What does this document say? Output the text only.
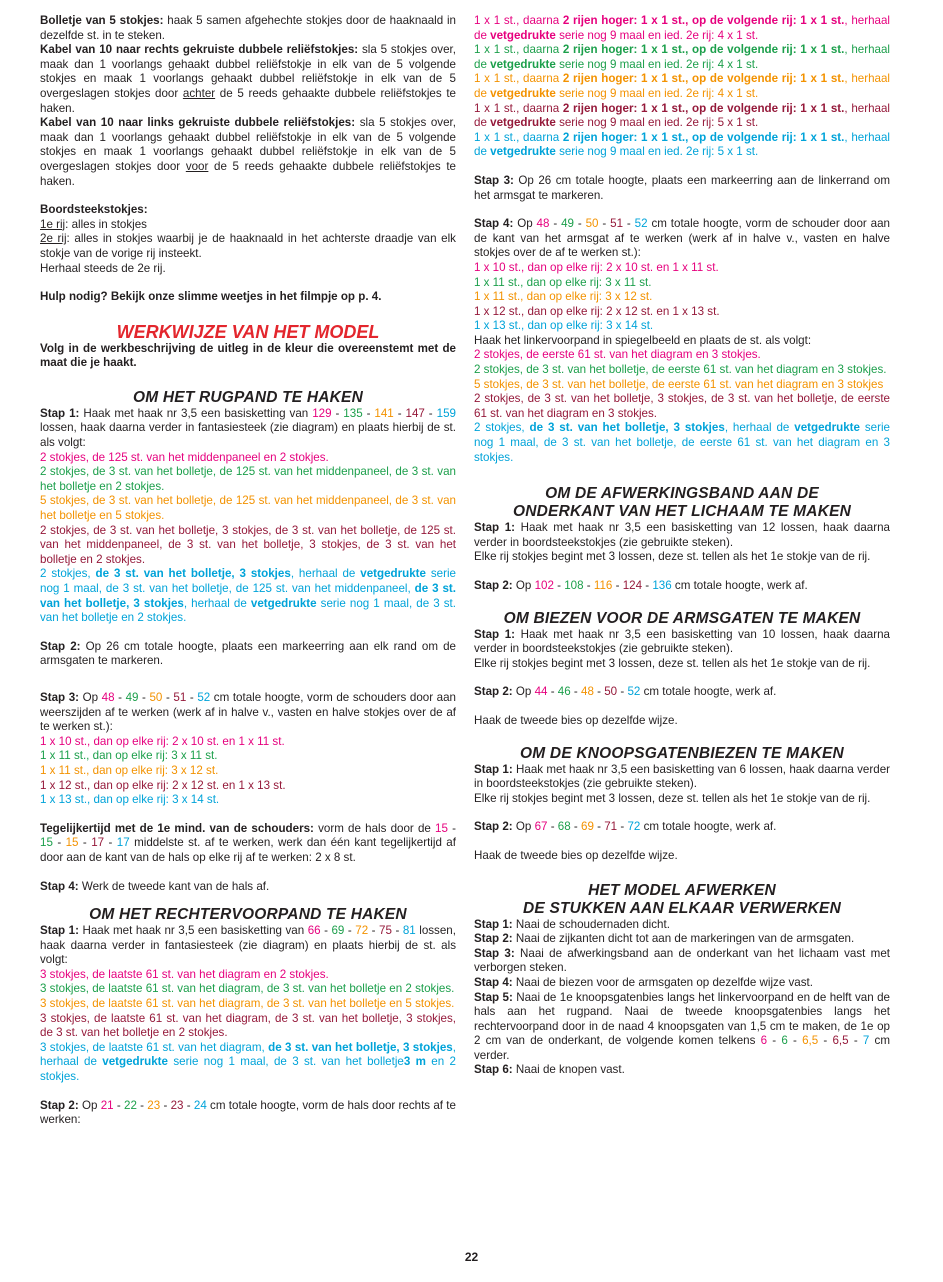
Bolletje van 5 stokjes: haak 5 samen afgehechte stokjes door de haaknaald in dezelfde st. in te steken.

Kabel van 10 naar rechts gekruiste dubbele reliëfstokjes: sla 5 stokjes over, maak dan 1 voorlangs gehaakt dubbel reliëfstokje in elk van de 5 volgende stokjes en maak 1 voorlangs gehaakt dubbel reliëfstokje in elk van de 5 overgeslagen stokjes door achter de 5 reeds gehaakte dubbele reliëfstokjes te haken.

Kabel van 10 naar links gekruiste dubbele reliëfstokjes: sla 5 stokjes over, maak dan 1 voorlangs gehaakt dubbel reliëfstokje in elk van de 5 volgende stokjes en maak 1 voorlangs gehaakt dubbel reliëfstokje in elk van de 5 overgeslagen stokjes door voor de 5 reeds gehaakte dubbele reliëfstokjes te haken.

Boordsteekstokjes:

1e rij: alles in stokjes

2e rij: alles in stokjes waarbij je de haaknaald in het achterste draadje van elk stokje van de vorige rij insteekt.

Herhaal steeds de 2e rij.

Hulp nodig? Bekijk onze slimme weetjes in het filmpje op p. 4.

WERKWIJZE VAN HET MODEL

Volg in de werkbeschrijving de uitleg in de kleur die overeenstemt met de maat die je haakt.

OM HET RUGPAND TE HAKEN

Stap 1: Haak met haak nr 3,5 een basisketting van 129 - 135 - 141 - 147 - 159 lossen, haak daarna verder in fantasiesteek (zie diagram) en plaats hierbij de st. als volgt:

2 stokjes, de 125 st. van het middenpaneel en 2 stokjes.

2 stokjes, de 3 st. van het bolletje, de 125 st. van het middenpaneel, de 3 st. van het bolletje en 2 stokjes.

5 stokjes, de 3 st. van het bolletje, de 125 st. van het middenpaneel, de 3 st. van het bolletje en 5 stokjes.

2 stokjes, de 3 st. van het bolletje, 3 stokjes, de 3 st. van het bolletje, de 125 st. van het middenpaneel, de 3 st. van het bolletje, 3 stokjes, de 3 st. van het bolletje en 2 stokjes.

2 stokjes, de 3 st. van het bolletje, 3 stokjes, herhaal de vetgedrukte serie nog 1 maal, de 3 st. van het bolletje, de 125 st. van het middenpaneel, de 3 st. van het bolletje, 3 stokjes, herhaal de vetgedrukte serie nog 1 maal, de 3 st. van het bolletje en 2 stokjes.

Stap 2: Op 26 cm totale hoogte, plaats een markeerring aan elk rand om de armsgaten te markeren.

Stap 3: Op 48 - 49 - 50 - 51 - 52 cm totale hoogte, vorm de schouders door aan weerszijden af te werken (werk af in halve v., vasten en halve stokjes over de af te werken st.):

1 x 10 st., dan op elke rij: 2 x 10 st. en 1 x 11 st.

1 x 11 st., dan op elke rij: 3 x 11 st.

1 x 11 st., dan op elke rij: 3 x 12 st.

1 x 12 st., dan op elke rij: 2 x 12 st. en 1 x 13 st.

1 x 13 st., dan op elke rij: 3 x 14 st.

Tegelijkertijd met de 1e mind. van de schouders: vorm de hals door de 15 - 15 - 15 - 17 - 17 middelste st. af te werken, werk dan één kant tegelijkertijd af door aan de kant van de hals op elke rij af te werken: 2 x 8 st.

Stap 4: Werk de tweede kant van de hals af.

OM HET RECHTERVOORPAND TE HAKEN

Stap 1: Haak met haak nr 3,5 een basisketting van 66 - 69 - 72 - 75 - 81 lossen, haak daarna verder in fantasiesteek (zie diagram) en plaats hierbij de st. als volgt:

3 stokjes, de laatste 61 st. van het diagram en 2 stokjes.

3 stokjes, de laatste 61 st. van het diagram, de 3 st. van het bolletje en 2 stokjes.

3 stokjes, de laatste 61 st. van het diagram, de 3 st. van het bolletje en 5 stokjes.

3 stokjes, de laatste 61 st. van het diagram, de 3 st. van het bolletje, 3 stokjes, de 3 st. van het bolletje en 2 stokjes.

3 stokjes, de laatste 61 st. van het diagram, de 3 st. van het bolletje, 3 stokjes, herhaal de vetgedrukte serie nog 1 maal, de 3 st. van het bolletje3 m en 2 stokjes.

Stap 2: Op 21 - 22 - 23 - 23 - 24 cm totale hoogte, vorm de hals door rechts af te werken:

1 x 1 st., daarna 2 rijen hoger: 1 x 1 st., op de volgende rij: 1 x 1 st., herhaal de vetgedrukte serie nog 9 maal en ied. 2e rij: 4 x 1 st.

1 x 1 st., daarna 2 rijen hoger: 1 x 1 st., op de volgende rij: 1 x 1 st., herhaal de vetgedrukte serie nog 9 maal en ied. 2e rij: 4 x 1 st.

1 x 1 st., daarna 2 rijen hoger: 1 x 1 st., op de volgende rij: 1 x 1 st., herhaal de vetgedrukte serie nog 9 maal en ied. 2e rij: 4 x 1 st.

1 x 1 st., daarna 2 rijen hoger: 1 x 1 st., op de volgende rij: 1 x 1 st., herhaal de vetgedrukte serie nog 9 maal en ied. 2e rij: 5 x 1 st.

1 x 1 st., daarna 2 rijen hoger: 1 x 1 st., op de volgende rij: 1 x 1 st., herhaal de vetgedrukte serie nog 9 maal en ied. 2e rij: 5 x 1 st.

Stap 3: Op 26 cm totale hoogte, plaats een markeerring aan de linkerrand om het armsgat te markeren.

Stap 4: Op 48 - 49 - 50 - 51 - 52 cm totale hoogte, vorm de schouder door aan de kant van het armsgat af te werken (werk af in halve v., vasten en halve stokjes over de af te werken st.):

1 x 10 st., dan op elke rij: 2 x 10 st. en 1 x 11 st.

1 x 11 st., dan op elke rij: 3 x 11 st.

1 x 11 st., dan op elke rij: 3 x 12 st.

1 x 12 st., dan op elke rij: 2 x 12 st. en 1 x 13 st.

1 x 13 st., dan op elke rij: 3 x 14 st.

Haak het linkervoorpand in spiegelbeeld en plaats de st. als volgt:

2 stokjes, de eerste 61 st. van het diagram en 3 stokjes.

2 stokjes, de 3 st. van het bolletje, de eerste 61 st. van het diagram en 3 stokjes.

5 stokjes, de 3 st. van het bolletje, de eerste 61 st. van het diagram en 3 stokjes

2 stokjes, de 3 st. van het bolletje, 3 stokjes, de 3 st. van het bolletje, de eerste 61 st. van het diagram en 3 stokjes.

2 stokjes, de 3 st. van het bolletje, 3 stokjes, herhaal de vetgedrukte serie nog 1 maal, de 3 st. van het bolletje, de eerste 61 st. van het diagram en 3 stokjes.

OM DE AFWERKINGSBAND AAN DE
ONDERKANT VAN HET LICHAAM TE MAKEN

Stap 1: Haak met haak nr 3,5 een basisketting van 12 lossen, haak daarna verder in boordsteekstokjes (zie gebruikte steken).

Elke rij stokjes begint met 3 lossen, deze st. tellen als het 1e stokje van de rij.

Stap 2: Op 102 - 108 - 116 - 124 - 136 cm totale hoogte, werk af.

OM BIEZEN VOOR DE ARMSGATEN TE MAKEN

Stap 1: Haak met haak nr 3,5 een basisketting van 10 lossen, haak daarna verder in boordsteekstokjes (zie gebruikte steken).

Elke rij stokjes begint met 3 lossen, deze st. tellen als het 1e stokje van de rij.

Stap 2: Op 44 - 46 - 48 - 50 - 52 cm totale hoogte, werk af.

Haak de tweede bies op dezelfde wijze.

OM DE KNOOPSGATENBIEZEN TE MAKEN

Stap 1: Haak met haak nr 3,5 een basisketting van 6 lossen, haak daarna verder in boordsteekstokjes (zie gebruikte steken).

Elke rij stokjes begint met 3 lossen, deze st. tellen als het 1e stokje van de rij.

Stap 2: Op 67 - 68 - 69 - 71 - 72 cm totale hoogte, werk af.

Haak de tweede bies op dezelfde wijze.

HET MODEL AFWERKEN
DE STUKKEN AAN ELKAAR VERWERKEN

Stap 1: Naai de schoudernaden dicht.

Stap 2: Naai de zijkanten dicht tot aan de markeringen van de armsgaten.

Stap 3: Naai de afwerkingsband aan de onderkant van het lichaam vast met verborgen steken.

Stap 4: Naai de biezen voor de armsgaten op dezelfde wijze vast.

Stap 5: Naai de 1e knoopsgatenbies langs het linkervoorpand en de helft van de hals aan het rugpand. Naai de tweede knoopsgatenbies langs het rechtervoorpand door in de naad 4 knoopsgaten van 1,5 cm te maken, de 1e op 2 cm van de onderkant, de volgende komen telkens 6 - 6 - 6,5 - 6,5 - 7 cm verder.

Stap 6: Naai de knopen vast.

22
